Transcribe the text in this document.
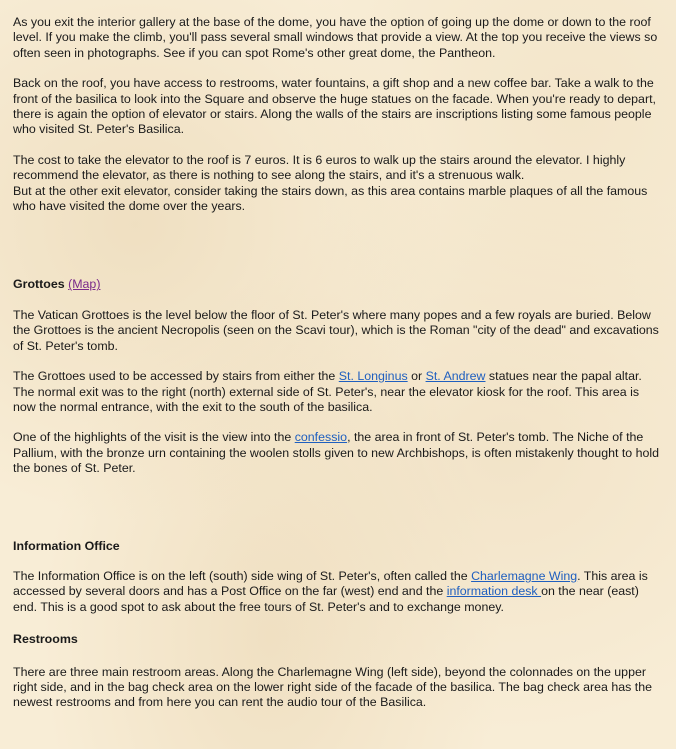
As you exit the interior gallery at the base of the dome, you have the option of going up the dome or down to the roof level. If you make the climb, you'll pass several small windows that provide a view. At the top you receive the views so often seen in photographs. See if you can spot Rome's other great dome, the Pantheon.

Back on the roof, you have access to restrooms, water fountains, a gift shop and a new coffee bar. Take a walk to the front of the basilica to look into the Square and observe the huge statues on the facade. When you're ready to depart, there is again the option of elevator or stairs. Along the walls of the stairs are inscriptions listing some famous people who visited St. Peter's Basilica.

The cost to take the elevator to the roof is 7 euros. It is 6 euros to walk up the stairs around the elevator. I highly recommend the elevator, as there is nothing to see along the stairs, and it's a strenuous walk.
But at the other exit elevator, consider taking the stairs down, as this area contains marble plaques of all the famous who have visited the dome over the years.

Grottoes (Map)

The Vatican Grottoes is the level below the floor of St. Peter's where many popes and a few royals are buried. Below the Grottoes is the ancient Necropolis (seen on the Scavi tour), which is the Roman "city of the dead" and excavations of St. Peter's tomb.

The Grottoes used to be accessed by stairs from either the St. Longinus or St. Andrew statues near the papal altar. The normal exit was to the right (north) external side of St. Peter's, near the elevator kiosk for the roof. This area is now the normal entrance, with the exit to the south of the basilica.

One of the highlights of the visit is the view into the confessio, the area in front of St. Peter's tomb. The Niche of the Pallium, with the bronze urn containing the woolen stolls given to new Archbishops, is often mistakenly thought to hold the bones of St. Peter.

Information Office

The Information Office is on the left (south) side wing of St. Peter's, often called the Charlemagne Wing. This area is accessed by several doors and has a Post Office on the far (west) end and the information desk on the near (east) end. This is a good spot to ask about the free tours of St. Peter's and to exchange money.

Restrooms

There are three main restroom areas. Along the Charlemagne Wing (left side), beyond the colonnades on the upper right side, and in the bag check area on the lower right side of the facade of the basilica. The bag check area has the newest restrooms and from here you can rent the audio tour of the Basilica.
